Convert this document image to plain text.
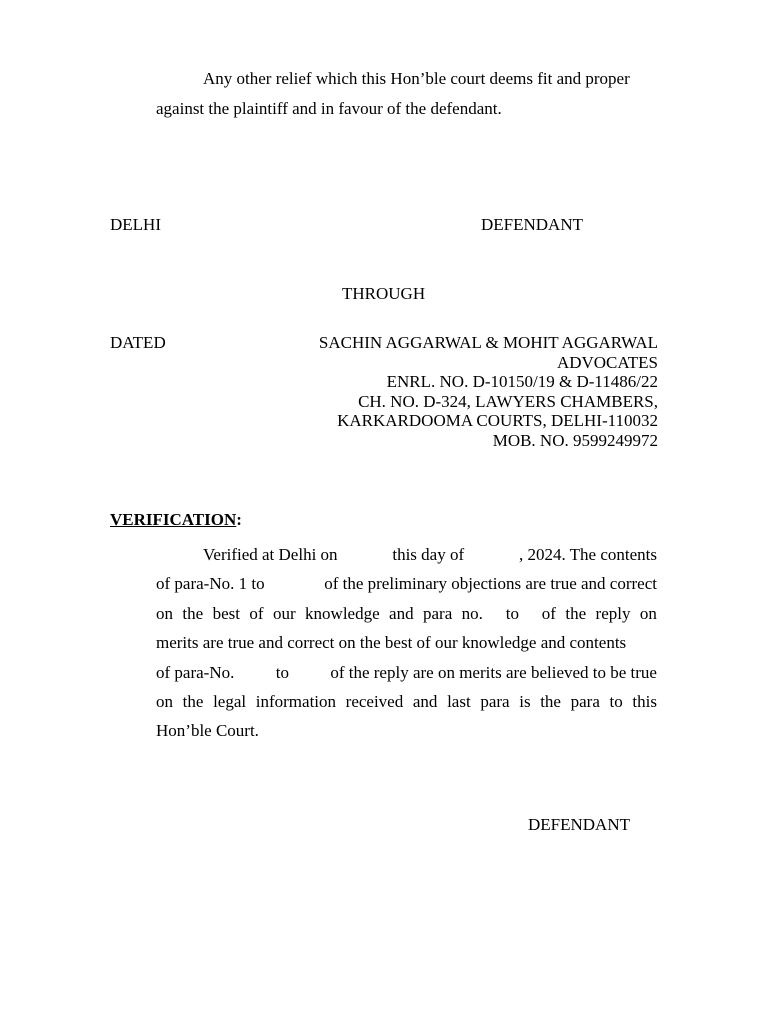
Any other relief which this Hon’ble court deems fit and proper
against the plaintiff and in favour of the defendant.
DELHI	DEFENDANT
THROUGH
DATED	SACHIN AGGARWAL & MOHIT AGGARWAL
ADVOCATES
ENRL. NO. D-10150/19 & D-11486/22
CH. NO. D-324, LAWYERS CHAMBERS,
KARKARDOOMA COURTS, DELHI-110032
MOB. NO. 9599249972
VERIFICATION:
Verified at Delhi on	this day of	, 2024. The contents
of para-No. 1 to	of the preliminary objections are true and correct
on the best of our knowledge and para no. to of the reply on
merits are true and correct on the best of our knowledge and contents
of para-No. to of the reply are on merits are believed to be true
on the legal information received and last para is the para to this
Hon’ble Court.
DEFENDANT
